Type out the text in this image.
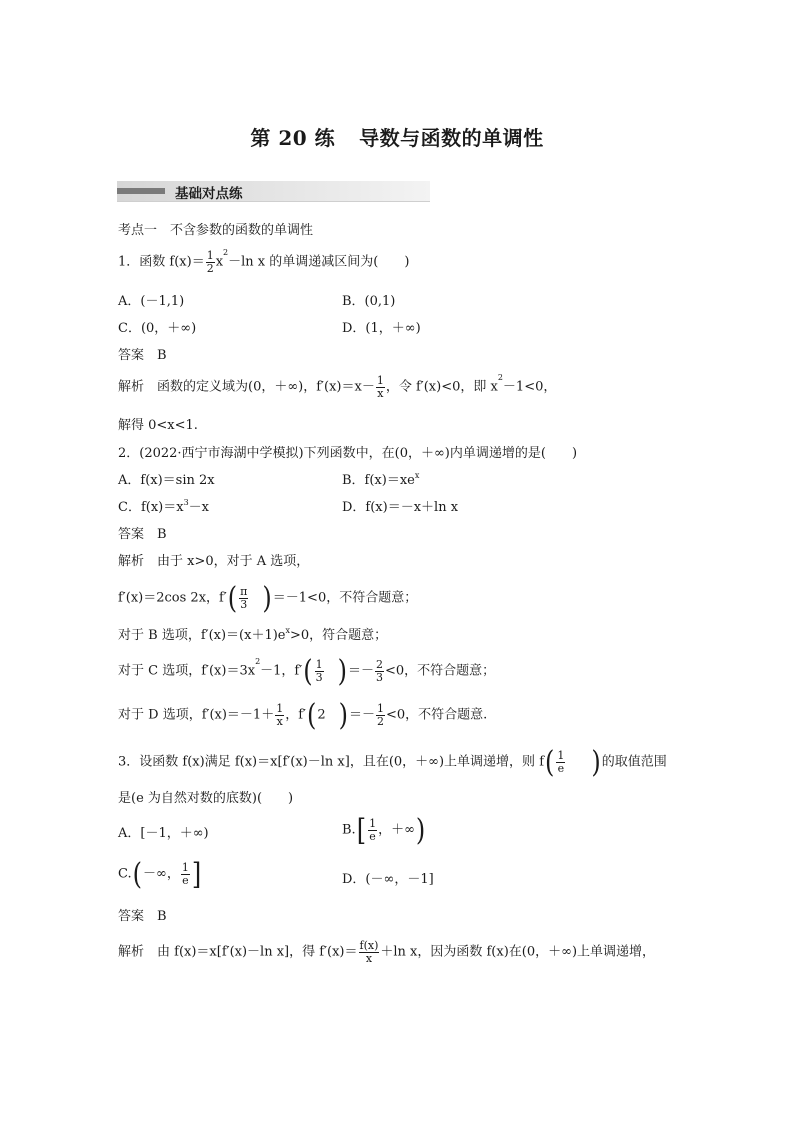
第 20 练 导数与函数的单调性
基础对点练
考点一　不含参数的函数的单调性
1．函数 $f(x)= \frac{1}{2} x^2-\ln$ x 的单调递减区间为(　　)
A．(－1,1)	B．(0,1)
C．(0，＋∞)	D．(1，＋∞)
答案　B
解析　函数的定义域为(0，＋∞)，$f'(x)=x- \frac{1}{x}$ ，令 f′(x)<0，即 $x^2-1<0$，
解得 0<x<1.
2．(2022·西宁市海湖中学模拟)下列函数中，在(0，＋∞)内单调递增的是(　　)
A．f(x)＝sin 2x	B．$f(x)=xe^x$
C．$f(x)=x^3-x$	D．f(x)＝－x＋ln x
答案　B
解析　由于 x>0，对于 A 选项，
f′(x)＝2cos 2x，$f'( \frac{\pi}{3} )=-1<0$，不符合题意；
对于 B 选项，$f'(x)=(x+1)e^x>0$，符合题意；
对于 C 选项，$f'(x)=3x^2-1$，$f'( \frac{1}{3}$ )＝－ $\frac{2}{3} <0$，不符合题意；
对于 D 选项，$f'(x)=-1+ \frac{1}{x}$ ，f′(2 )＝－ $\frac{1}{2} <0$，不符合题意.
3．设函数 f(x)满足 f(x)＝x[f′(x)－ln x]，且在(0，＋∞)上单调递增，则 $f( \frac{1}{e}$ )的取值范围
是(e 为自然对数的底数)(　　)
A．[－1，＋∞)	$B.[ \frac{1}{e}$ ，＋∞)
C.(－∞， $\frac{1}{e}$ ]	D．(－∞，－1]
答案　B
解析　由 f(x)＝x[f′(x)－ln x]，得 $f'(x)= \frac{f(x)}{x} +\ln$ x，因为函数 f(x)在(0，＋∞)上单调递增，
